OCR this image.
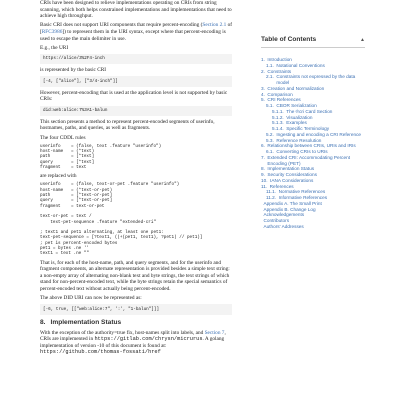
CRIs have been designed to relieve implementations operating on CRIs from string scanning, which both helps constrained implementations and implementations that need to achieve high throughput.

Basic CRI does not support URI components that require percent-encoding (Section 2.1 of [RFC3986]) to represent them in the URI syntax, except where that percent-encoding is used to escape the main delimiter in use.

E.g., the URI

https://alice/3%2F4-inch

is represented by the basic CRI

[-4, ["alice"], ["3/4-inch"]]

However, percent-encoding that is used at the application level is not supported by basic CRIs:

did:web:alice:7%3A1-balun

This section presents a method to represent percent-encoded segments of userinfo, hostnames, paths, and queries, as well as fragments.

The four CDDL rules

userinfo    = (false, text .feature "userinfo")
host-name   = (*text)
path        = [*text]
query       = [*text]
fragment    = text

are replaced with

userinfo    = (false, text-or-pet .feature "userinfo")
host-name   = (*text-or-pet)
path        = [*text-or-pet]
query       = [*text-or-pet]
fragment    = text-or-pet

text-or-pet = text /
text-pet-sequence .feature "extended-cri"

; text1 and pet1 alternating, at least one pet1:
text-pet-sequence = [?text1, ((+(pet1, text1), ?pet1) // pet1)]
; pet is percent-encoded bytes
pet1 = bytes .ne ''
text1 = text .ne ""

That is, for each of the host-name, path, and query segments, and for the userinfo and fragment components, an alternate representation is provided besides a simple text string: a non-empty array of alternating non-blank text and byte strings, the text strings of which stand for non-percent-encoded text, while the byte strings retain the special semantics of percent-encoded text without actually being percent-encoded.

The above DID URI can now be represented as:

[-6, true, [["web:alice:7", ':', "1-balun"]]]
8. Implementation Status

With the exception of the authority=true fix, host-names split into labels, and Section 7, CRIs are implemented in https://gitlab.com/chrysn/micrurus. A golang implementation of version -10 of this document is found at: https://github.com/thomas-fossati/href

Table of Contents	▲
1. Introduction
1.1. Notational Conventions
2. Constraints
2.1. Constraints not expressed by the data model
3. Creation and Normalization
4. Comparison
5. CRI References
5.1. CBOR Serialization
5.1.1. The ℗cri Card Section
5.1.2. Visualization
5.1.3. Examples
5.1.4. Specific Terminology
5.2. Ingesting and encoding a CRI Reference
5.3. Reference Resolution
6. Relationship between CRIs, URIs and IRIs
6.1. Converting CRIs to URIs
7. Extended CRI: Accommodating Percent Encoding (PET)
8. Implementation Status
9. Security Considerations
10. IANA Considerations
11. References
11.1. Normative References
11.2. Informative References
Appendix A. The Small Print
Appendix B. Change Log
Acknowledgements
Contributors
Authors' Addresses
